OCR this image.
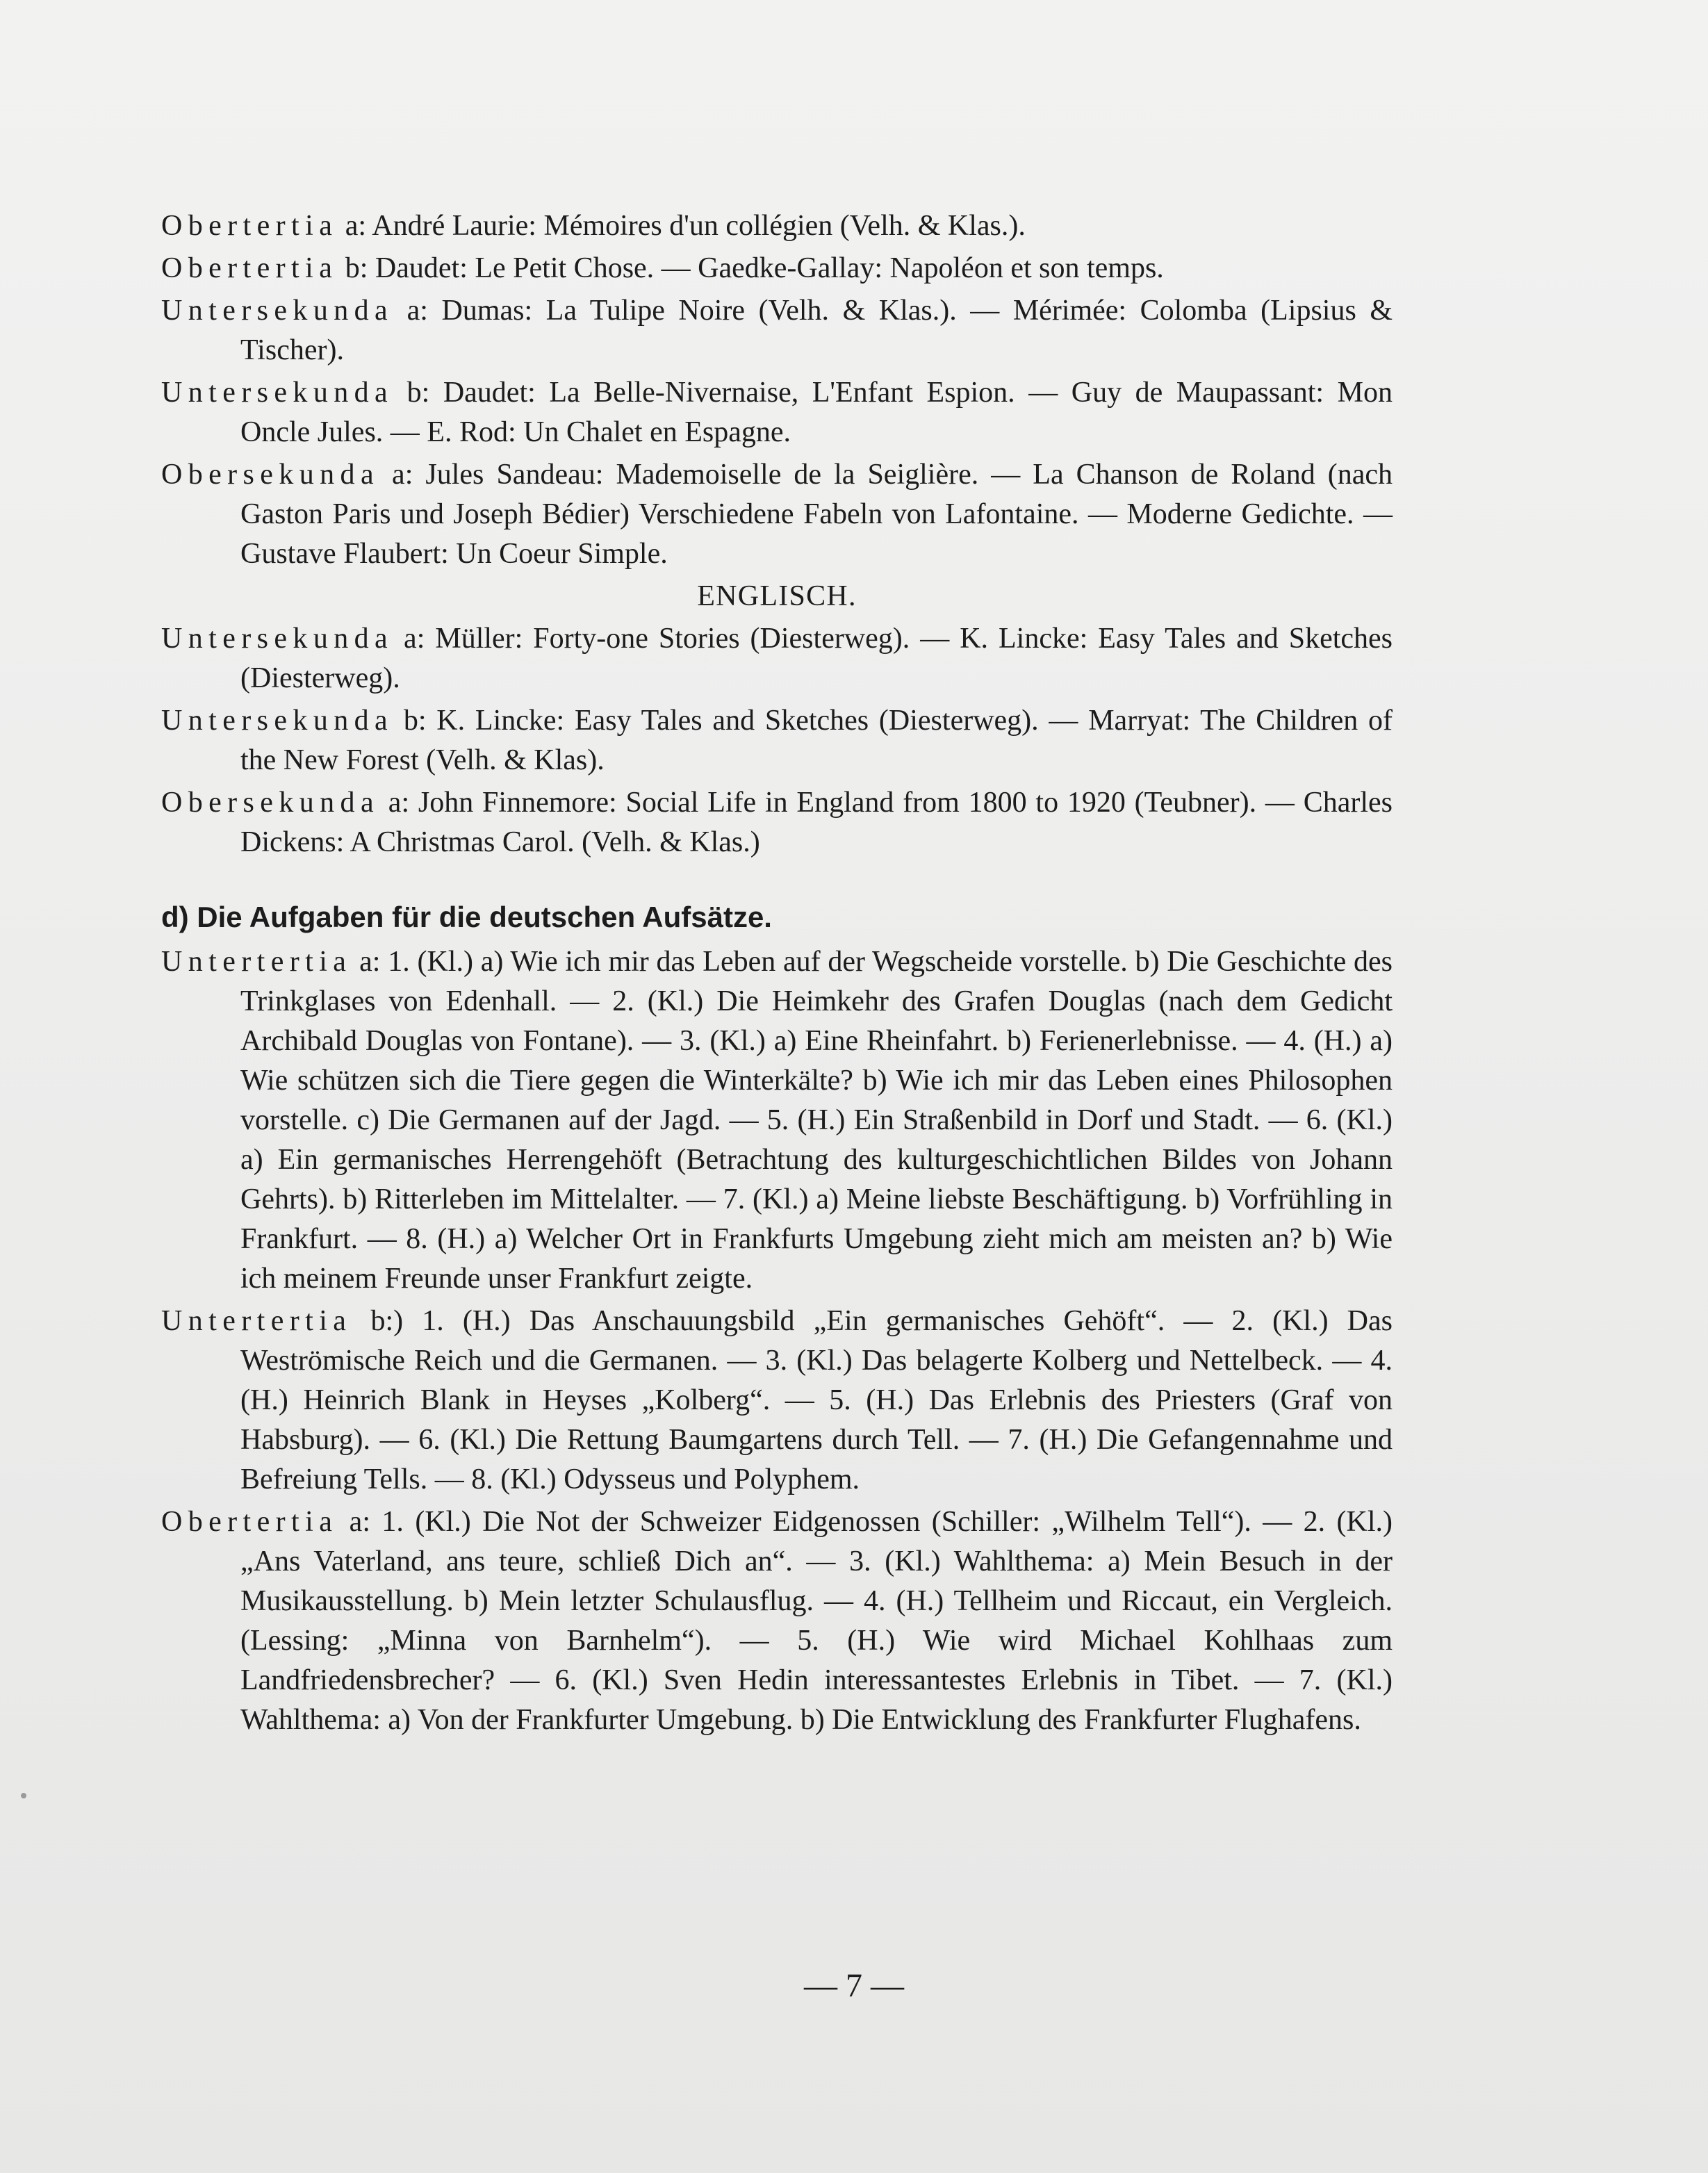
Obertertia a: André Laurie: Mémoires d'un collégien (Velh. & Klas.).
Obertertia b: Daudet: Le Petit Chose. — Gaedke-Gallay: Napoléon et son temps.
Untersekunda a: Dumas: La Tulipe Noire (Velh. & Klas.). — Mérimée: Colomba (Lipsius & Tischer).
Untersekunda b: Daudet: La Belle-Nivernaise, L'Enfant Espion. — Guy de Maupassant: Mon Oncle Jules. — E. Rod: Un Chalet en Espagne.
Obersekunda a: Jules Sandeau: Mademoiselle de la Seiglière. — La Chanson de Roland (nach Gaston Paris und Joseph Bédier) Verschiedene Fabeln von Lafontaine. — Moderne Gedichte. — Gustave Flaubert: Un Coeur Simple.
ENGLISCH.
Untersekunda a: Müller: Forty-one Stories (Diesterweg). — K. Lincke: Easy Tales and Sketches (Diesterweg).
Untersekunda b: K. Lincke: Easy Tales and Sketches (Diesterweg). — Marryat: The Children of the New Forest (Velh. & Klas).
Obersekunda a: John Finnemore: Social Life in England from 1800 to 1920 (Teubner). — Charles Dickens: A Christmas Carol. (Velh. & Klas.)
d) Die Aufgaben für die deutschen Aufsätze.
Untertertia a: 1. (Kl.) a) Wie ich mir das Leben auf der Wegscheide vorstelle. b) Die Geschichte des Trinkglases von Edenhall. — 2. (Kl.) Die Heimkehr des Grafen Douglas (nach dem Gedicht Archibald Douglas von Fontane). — 3. (Kl.) a) Eine Rheinfahrt. b) Ferienerlebnisse. — 4. (H.) a) Wie schützen sich die Tiere gegen die Winterkälte? b) Wie ich mir das Leben eines Philosophen vorstelle. c) Die Germanen auf der Jagd. — 5. (H.) Ein Straßenbild in Dorf und Stadt. — 6. (Kl.) a) Ein germanisches Herrengehöft (Betrachtung des kulturgeschichtlichen Bildes von Johann Gehrts). b) Ritterleben im Mittelalter. — 7. (Kl.) a) Meine liebste Beschäftigung. b) Vorfrühling in Frankfurt. — 8. (H.) a) Welcher Ort in Frankfurts Umgebung zieht mich am meisten an? b) Wie ich meinem Freunde unser Frankfurt zeigte.
Untertertia b:) 1. (H.) Das Anschauungsbild „Ein germanisches Gehöft“. — 2. (Kl.) Das Weströmische Reich und die Germanen. — 3. (Kl.) Das belagerte Kolberg und Nettelbeck. — 4. (H.) Heinrich Blank in Heyses „Kolberg“. — 5. (H.) Das Erlebnis des Priesters (Graf von Habsburg). — 6. (Kl.) Die Rettung Baumgartens durch Tell. — 7. (H.) Die Gefangennahme und Befreiung Tells. — 8. (Kl.) Odysseus und Polyphem.
Obertertia a: 1. (Kl.) Die Not der Schweizer Eidgenossen (Schiller: „Wilhelm Tell“). — 2. (Kl.) „Ans Vaterland, ans teure, schließ Dich an“. — 3. (Kl.) Wahlthema: a) Mein Besuch in der Musikausstellung. b) Mein letzter Schulausflug. — 4. (H.) Tellheim und Riccaut, ein Vergleich. (Lessing: „Minna von Barnhelm“). — 5. (H.) Wie wird Michael Kohlhaas zum Landfriedensbrecher? — 6. (Kl.) Sven Hedin interessantestes Erlebnis in Tibet. — 7. (Kl.) Wahlthema: a) Von der Frankfurter Umgebung. b) Die Entwicklung des Frankfurter Flughafens.
— 7 —
